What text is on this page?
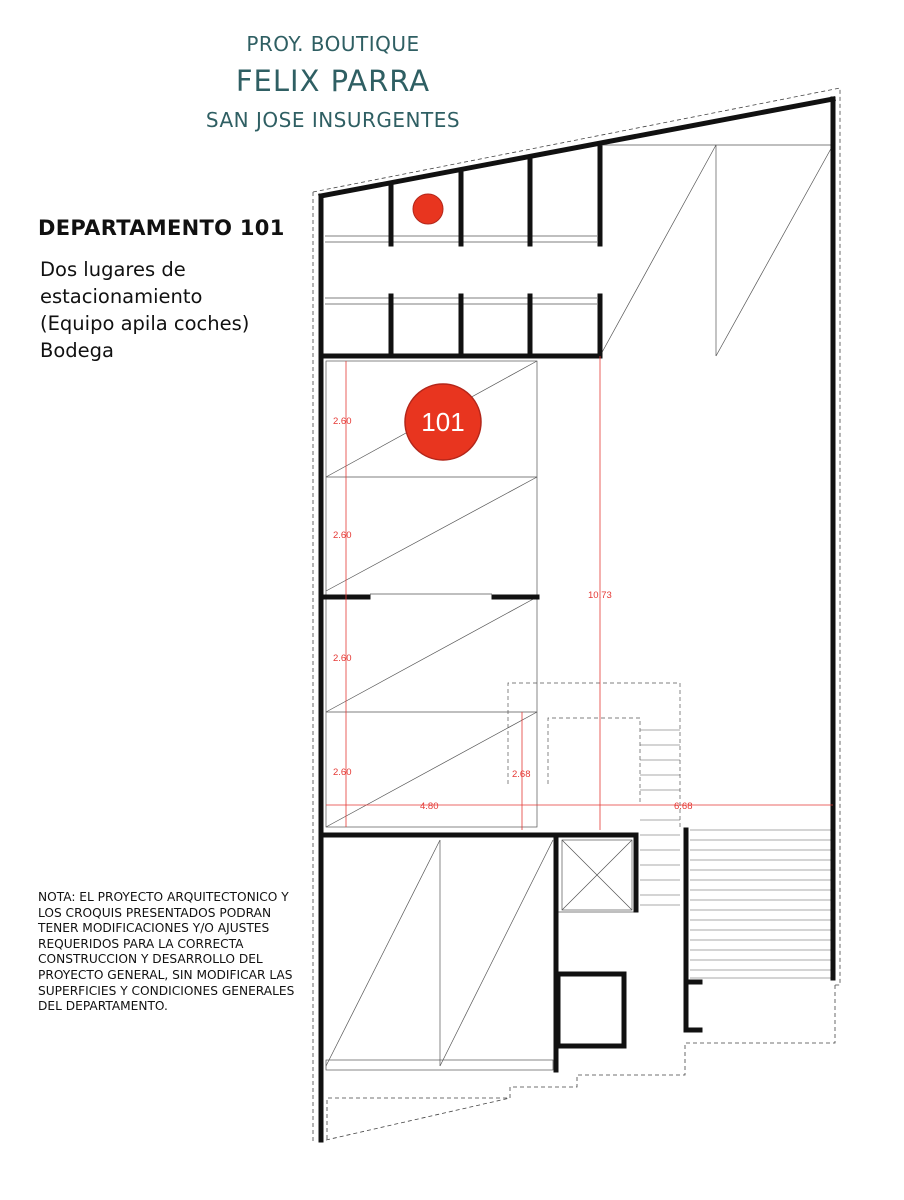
PROY. BOUTIQUE
FELIX PARRA
SAN JOSE INSURGENTES
DEPARTAMENTO 101
Dos lugares de
estacionamiento
(Equipo apila coches)
Bodega
NOTA: EL PROYECTO ARQUITECTONICO Y LOS CROQUIS PRESENTADOS PODRAN TENER MODIFICACIONES Y/O AJUSTES REQUERIDOS PARA LA CORRECTA CONSTRUCCION Y DESARROLLO DEL PROYECTO GENERAL, SIN MODIFICAR LAS SUPERFICIES Y CONDICIONES GENERALES DEL DEPARTAMENTO.
2.60
2.60
2.60
2.60
10.73
2.68
4.80	6.68
101
